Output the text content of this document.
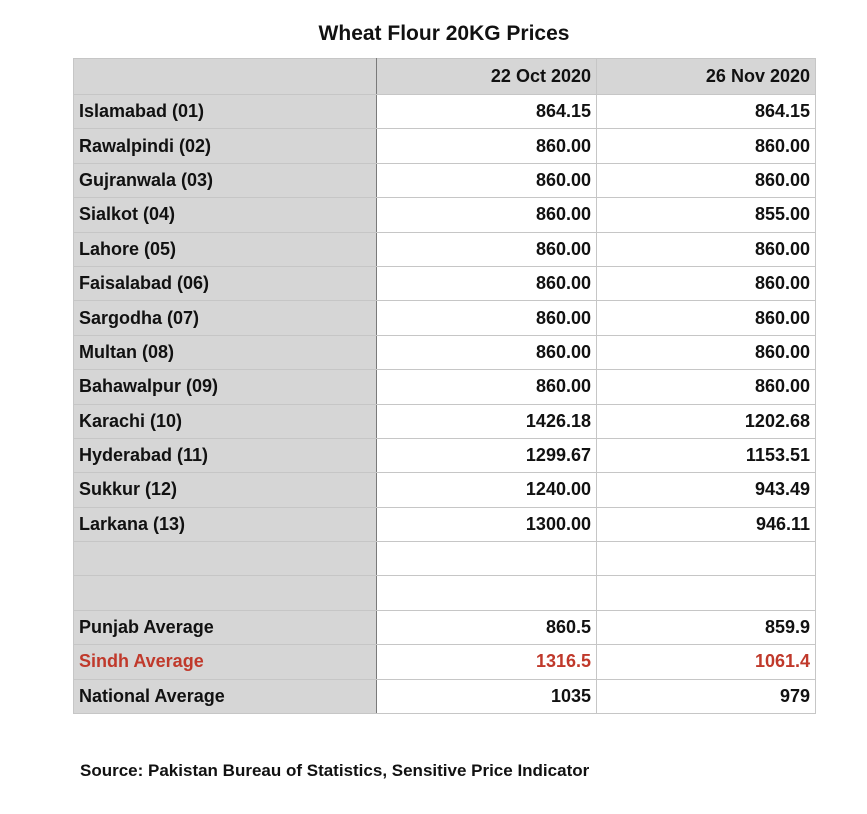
Wheat Flour 20KG Prices
	22 Oct 2020	26 Nov 2020
Islamabad (01)	864.15	864.15
Rawalpindi (02)	860.00	860.00
Gujranwala (03)	860.00	860.00
Sialkot (04)	860.00	855.00
Lahore (05)	860.00	860.00
Faisalabad (06)	860.00	860.00
Sargodha (07)	860.00	860.00
Multan (08)	860.00	860.00
Bahawalpur (09)	860.00	860.00
Karachi (10)	1426.18	1202.68
Hyderabad (11)	1299.67	1153.51
Sukkur (12)	1240.00	943.49
Larkana (13)	1300.00	946.11

Punjab Average	860.5	859.9
Sindh Average	1316.5	1061.4
National Average	1035	979
Source: Pakistan Bureau of Statistics, Sensitive Price Indicator
